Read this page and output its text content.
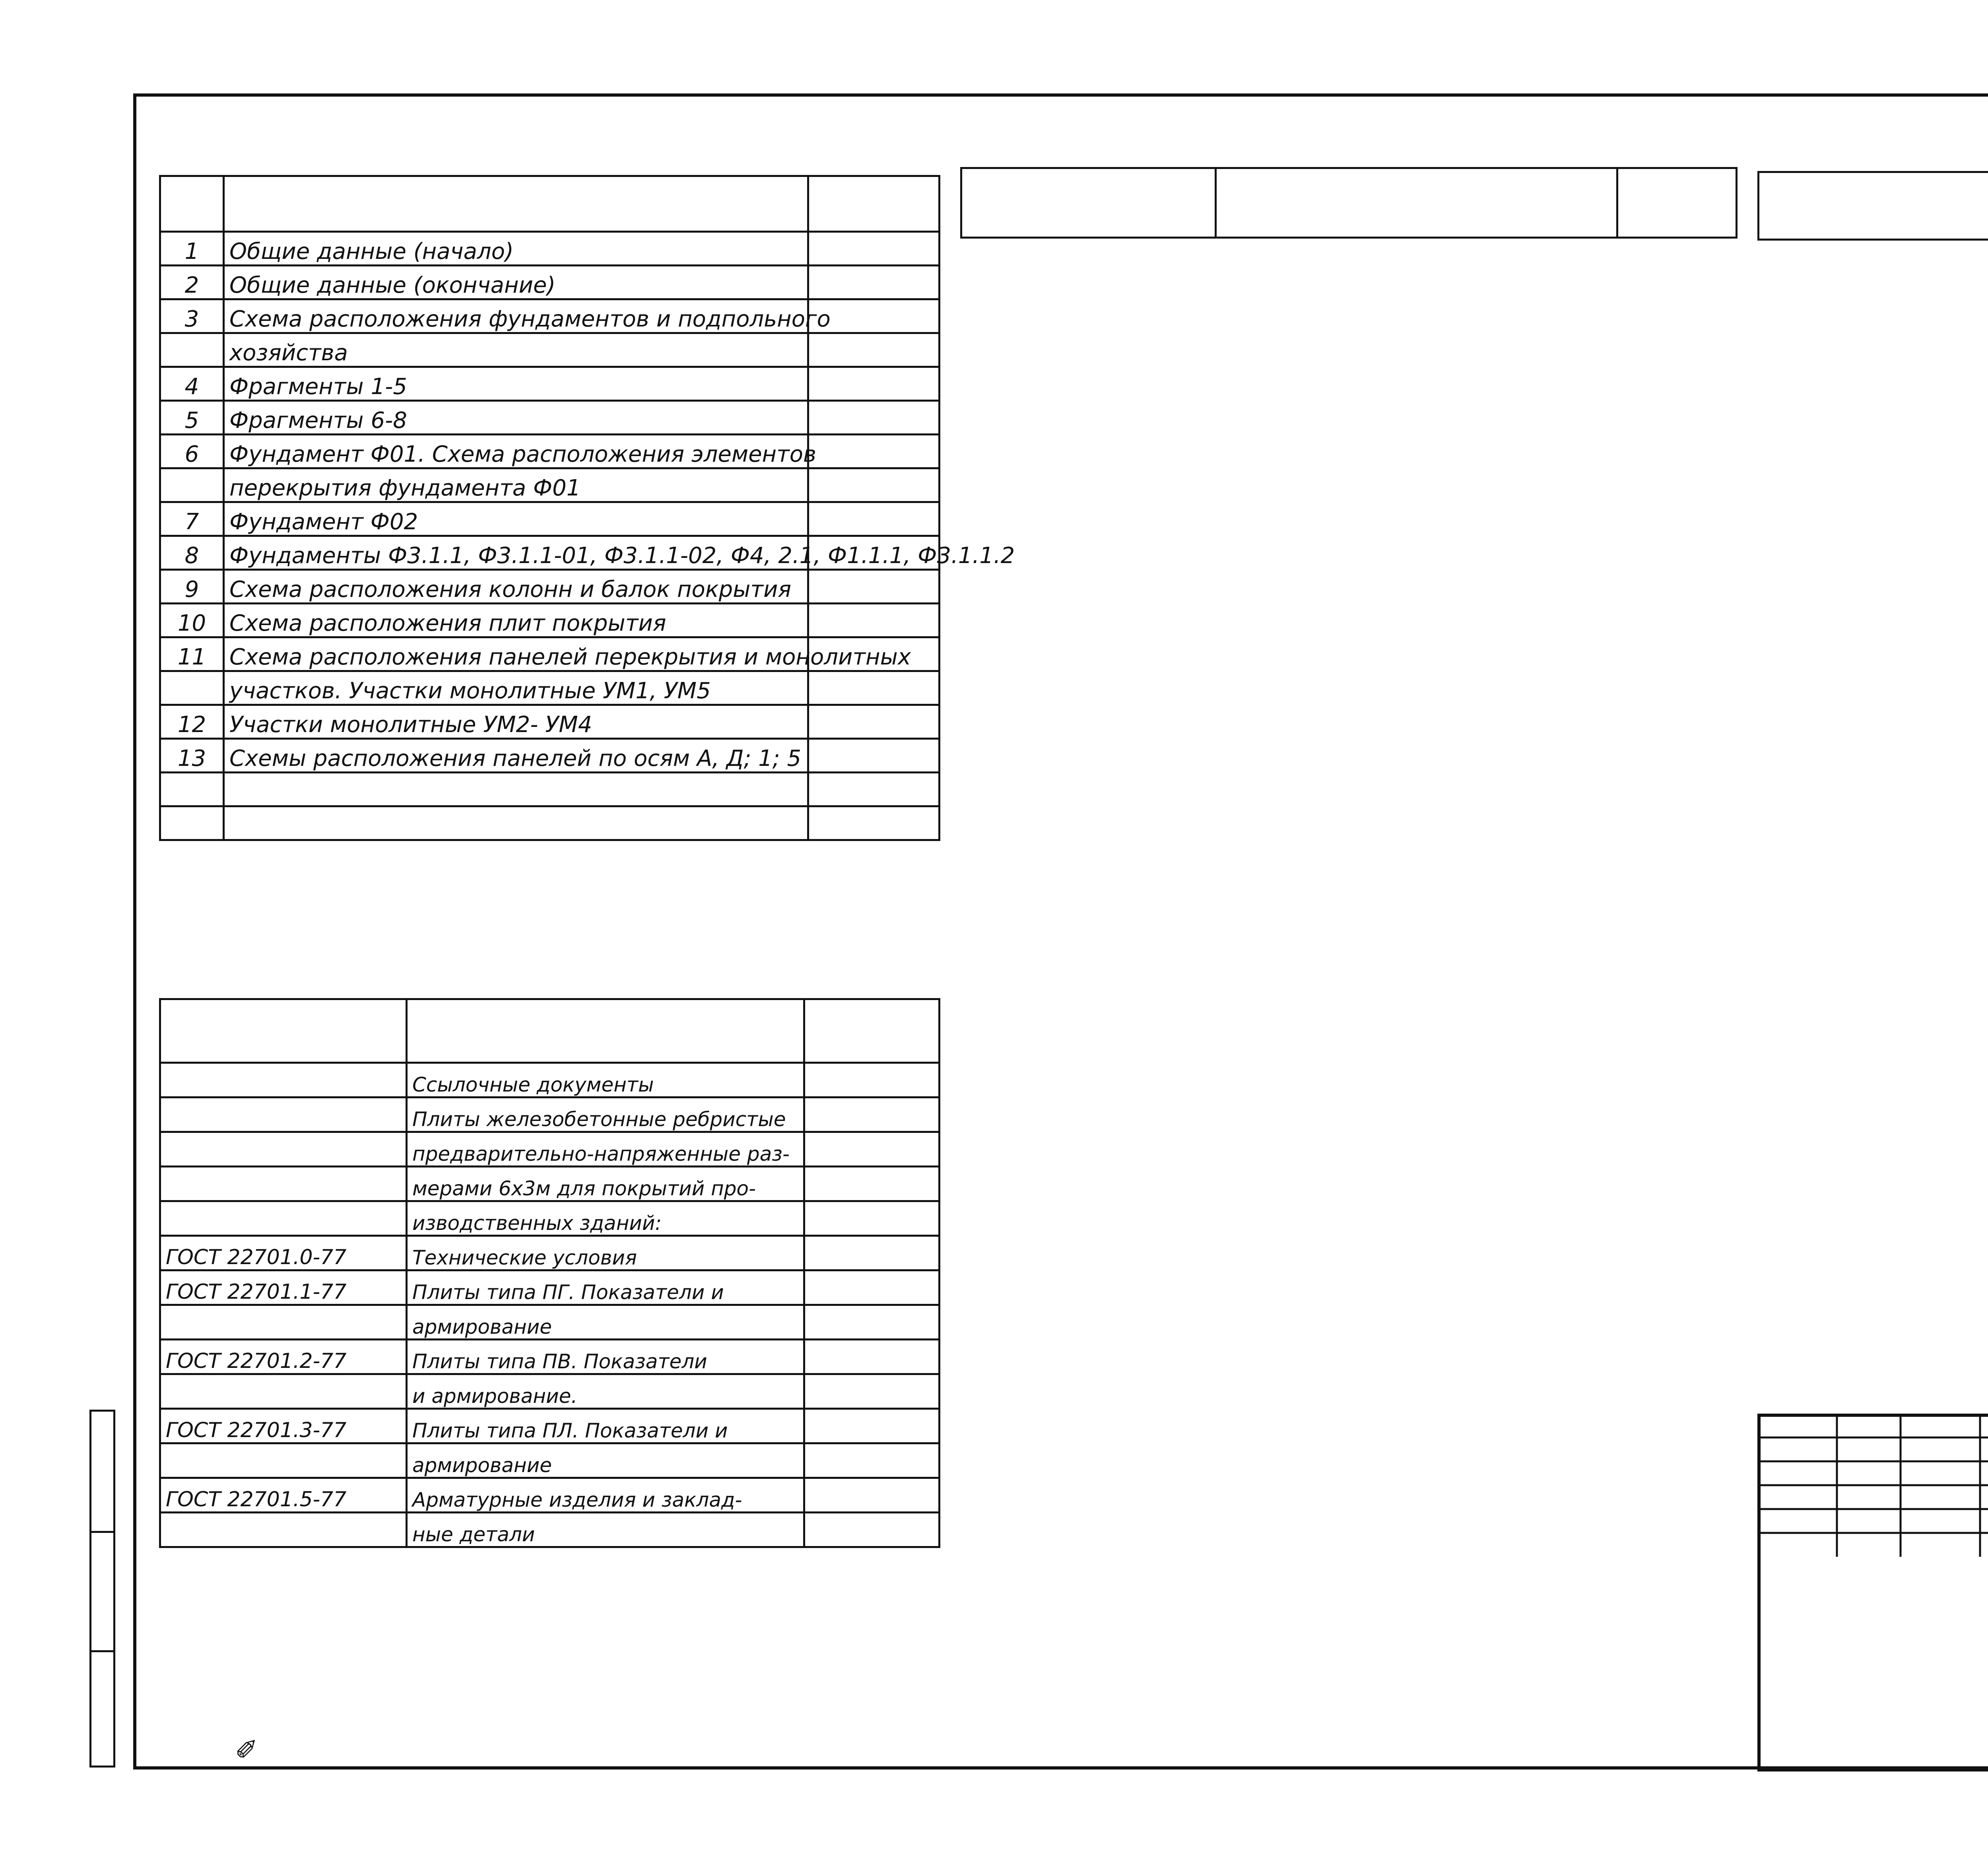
1	Общие данные (начало)	
2	Общие данные (окончание)	
3	Схема расположения фундаментов и подпольного	
	хозяйства	
4	Фрагменты 1-5	
5	Фрагменты 6-8	
6	Фундамент Ф01. Схема расположения элементов	
	перекрытия фундамента Ф01	
7	Фундамент Ф02	
8	Фундаменты Ф3.1.1, Ф3.1.1-01, Ф3.1.1-02, Ф4, 2.1, Ф1.1.1, Ф3.1.1.2	
9	Схема расположения колонн и балок покрытия	
10	Схема расположения плит покрытия	
11	Схема расположения панелей перекрытия и монолитных	
	участков. Участки монолитные УМ1, УМ5	
12	Участки монолитные УМ2- УМ4	
13	Схемы расположения панелей по осям А, Д; 1; 5	

	Ссылочные документы	
	Плиты железобетонные ребристые	
	предварительно-напряженные раз-	
	мерами 6х3м для покрытий про-	
	изводственных зданий:	
ГОСТ 22701.0-77	Технические условия	
ГОСТ 22701.1-77	Плиты типа ПГ. Показатели и	
	армирование	
ГОСТ 22701.2-77	Плиты типа ПВ. Показатели	
	и армирование.	
ГОСТ 22701.3-77	Плиты типа ПЛ. Показатели и	
	армирование	
ГОСТ 22701.5-77	Арматурные изделия и заклад-	
	ные детали	

✐
